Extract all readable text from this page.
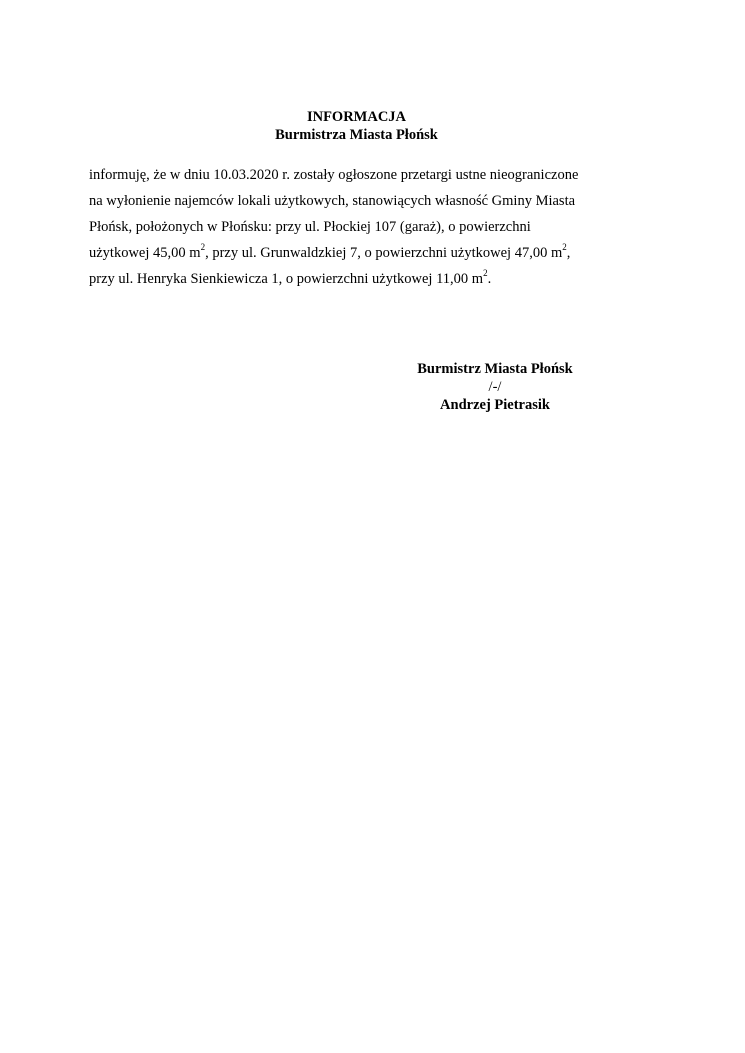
INFORMACJA
Burmistrza Miasta Płońsk
informuję, że w dniu 10.03.2020 r. zostały ogłoszone przetargi ustne nieograniczone
na wyłonienie najemców lokali użytkowych, stanowiących własność Gminy Miasta
Płońsk, położonych w Płońsku: przy ul. Płockiej 107 (garaż), o powierzchni
użytkowej 45,00 $m^2$, przy ul. Grunwaldzkiej 7, o powierzchni użytkowej 47,00 $m^2$,
przy ul. Henryka Sienkiewicza 1, o powierzchni użytkowej 11,00 $m^2$.
Burmistrz Miasta Płońsk
/-/
Andrzej Pietrasik
